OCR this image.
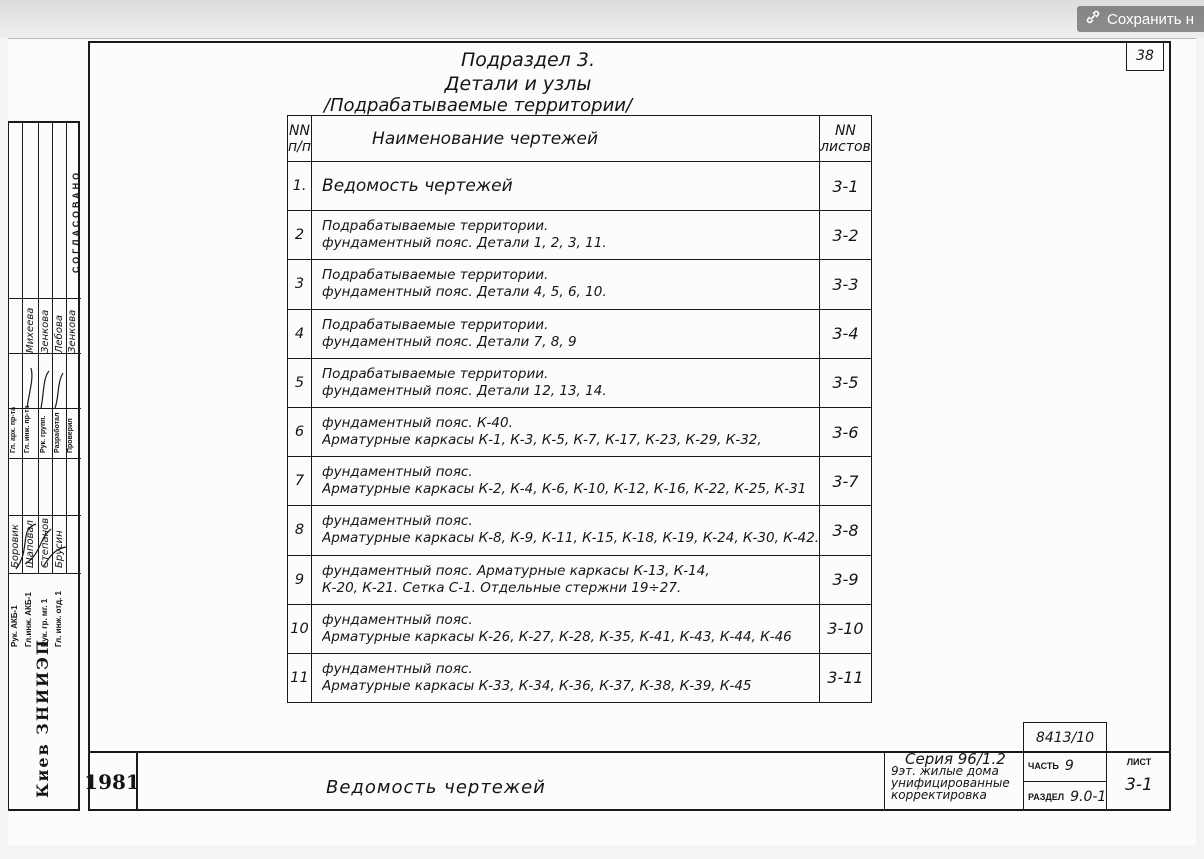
Сохранить н
38
Подраздел 3.
Детали и узлы
/Подрабатываемые территории/
NN
п/п	Наименование чертежей	NN
листов

1.	Ведомость чертежей	3-1
2	Подрабатываемые территории.
фундаментный пояс. Детали 1, 2, 3, 11.	3-2
3	Подрабатываемые территории.
фундаментный пояс. Детали 4, 5, 6, 10.	3-3
4	Подрабатываемые территории.
фундаментный пояс. Детали 7, 8, 9	3-4
5	Подрабатываемые территории.
фундаментный пояс. Детали 12, 13, 14.	3-5
6	фундаментный пояс. К-40.
Арматурные каркасы К-1, К-3, К-5, К-7, К-17, К-23, К-29, К-32,	3-6
7	фундаментный пояс.
Арматурные каркасы К-2, К-4, К-6, К-10, К-12, К-16, К-22, К-25, К-31	3-7
8	фундаментный пояс.
Арматурные каркасы К-8, К-9, К-11, К-15, К-18, К-19, К-24, К-30, К-42.	3-8
9	фундаментный пояс. Арматурные каркасы К-13, К-14,
К-20, К-21. Сетка С-1. Отдельные стержни 19÷27.	3-9
10	фундаментный пояс.
Арматурные каркасы К-26, К-27, К-28, К-35, К-41, К-43, К-44, К-46	3-10
11	фундаментный пояс.
Арматурные каркасы К-33, К-34, К-36, К-37, К-38, К-39, К-45	3-11
1981	Ведомость чертежей
8413/10
Серия 96/1.2
9эт. жилые дома
унифицированные
корректировка
ЧАСТЬ 9
РАЗДЕЛ 9.0-1
ЛИСТ
3-1
СОГЛАСОВАНО
Рук. АКБ-1 Гл.инж. АКБ-1 Рук. гр. мг. 1 Гл. инж. отд. 1
Гл. арх. пр-та Гл. инж. пр-та Рук. групп. Разработал Проверил
Боровик Шаповал Степанов Брусин
Михеева Зенкова Лебова Зенкова
Киев ЗНИИЭП
